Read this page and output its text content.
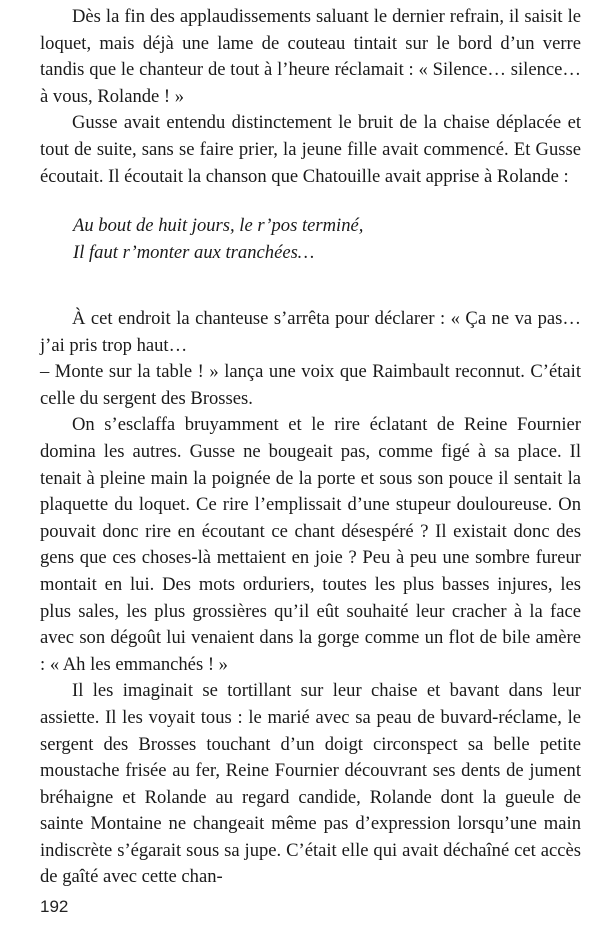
Dès la fin des applaudissements saluant le dernier refrain, il saisit le loquet, mais déjà une lame de couteau tintait sur le bord d’un verre tandis que le chanteur de tout à l’heure réclamait : « Silence… silence… à vous, Rolande ! »

Gusse avait entendu distinctement le bruit de la chaise déplacée et tout de suite, sans se faire prier, la jeune fille avait commencé. Et Gusse écoutait. Il écoutait la chanson que Chatouille avait apprise à Rolande :

Au bout de huit jours, le r’pos terminé,
Il faut r’monter aux tranchées…

À cet endroit la chanteuse s’arrêta pour déclarer : « Ça ne va pas… j’ai pris trop haut…

– Monte sur la table ! » lança une voix que Raimbault reconnut. C’était celle du sergent des Brosses.

On s’esclaffa bruyamment et le rire éclatant de Reine Fournier domina les autres. Gusse ne bougeait pas, comme figé à sa place. Il tenait à pleine main la poignée de la porte et sous son pouce il sentait la plaquette du loquet. Ce rire l’emplissait d’une stupeur douloureuse. On pouvait donc rire en écoutant ce chant désespéré ? Il existait donc des gens que ces choses-là mettaient en joie ? Peu à peu une sombre fureur montait en lui. Des mots orduriers, toutes les plus basses injures, les plus sales, les plus grossières qu’il eût souhaité leur cracher à la face avec son dégoût lui venaient dans la gorge comme un flot de bile amère : « Ah les emmanchés ! »

Il les imaginait se tortillant sur leur chaise et bavant dans leur assiette. Il les voyait tous : le marié avec sa peau de buvard-réclame, le sergent des Brosses touchant d’un doigt circonspect sa belle petite moustache frisée au fer, Reine Fournier découvrant ses dents de jument bréhaigne et Rolande au regard candide, Rolande dont la gueule de sainte Montaine ne changeait même pas d’expression lorsqu’une main indiscrète s’égarait sous sa jupe. C’était elle qui avait déchaîné cet accès de gaîté avec cette chan-

192
